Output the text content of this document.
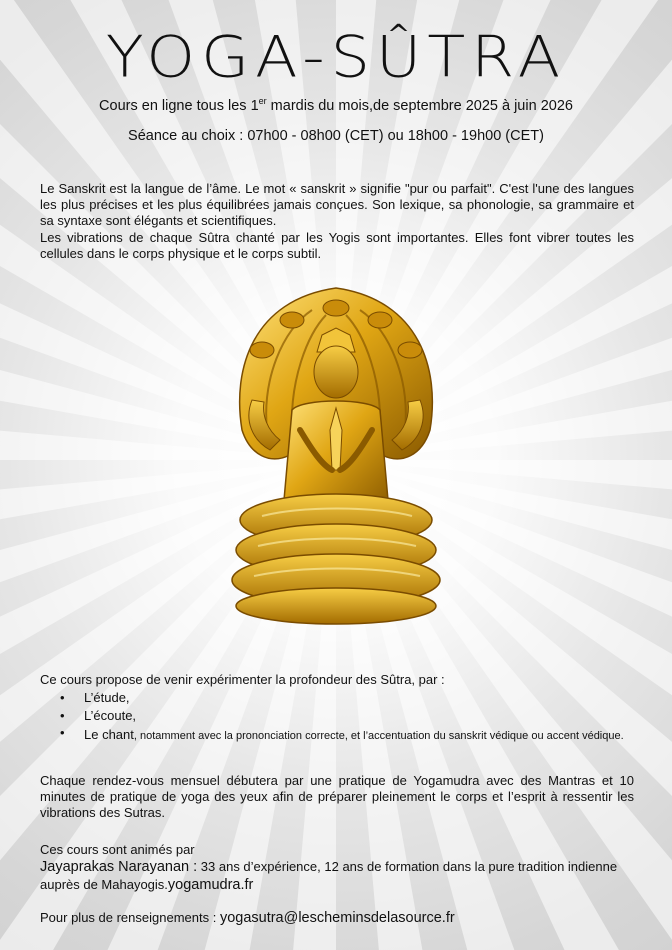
YOGA-SÛTRA
Cours en ligne tous les 1er mardis du mois,de septembre 2025 à juin 2026
Séance au choix : 07h00 - 08h00 (CET) ou 18h00 - 19h00 (CET)

Le Sanskrit est la langue de l’âme. Le mot « sanskrit » signifie "pur ou parfait". C'est l'une des langues les plus précises et les plus équilibrées jamais conçues. Son lexique, sa phonologie, sa grammaire et sa syntaxe sont élégants et scientifiques.

Les vibrations de chaque Sûtra chanté par les Yogis sont importantes. Elles font vibrer toutes les cellules dans le corps physique et le corps subtil.

Ce cours propose de venir expérimenter la profondeur des Sûtra, par :
• L’étude,
• L’écoute,
• Le chant, notamment avec la prononciation correcte, et l’accentuation du sanskrit védique ou accent védique.
Chaque rendez-vous mensuel débutera par une pratique de Yogamudra avec des Mantras et 10 minutes de pratique de yoga des yeux afin de préparer pleinement le corps et l’esprit à ressentir les vibrations des Sutras.
Ces cours sont animés par
Jayaprakas Narayanan : 33 ans d’expérience, 12 ans de formation dans la pure tradition indienne auprès de Mahayogis.yogamudra.fr
Pour plus de renseignements : yogasutra@lescheminsdelasource.fr
